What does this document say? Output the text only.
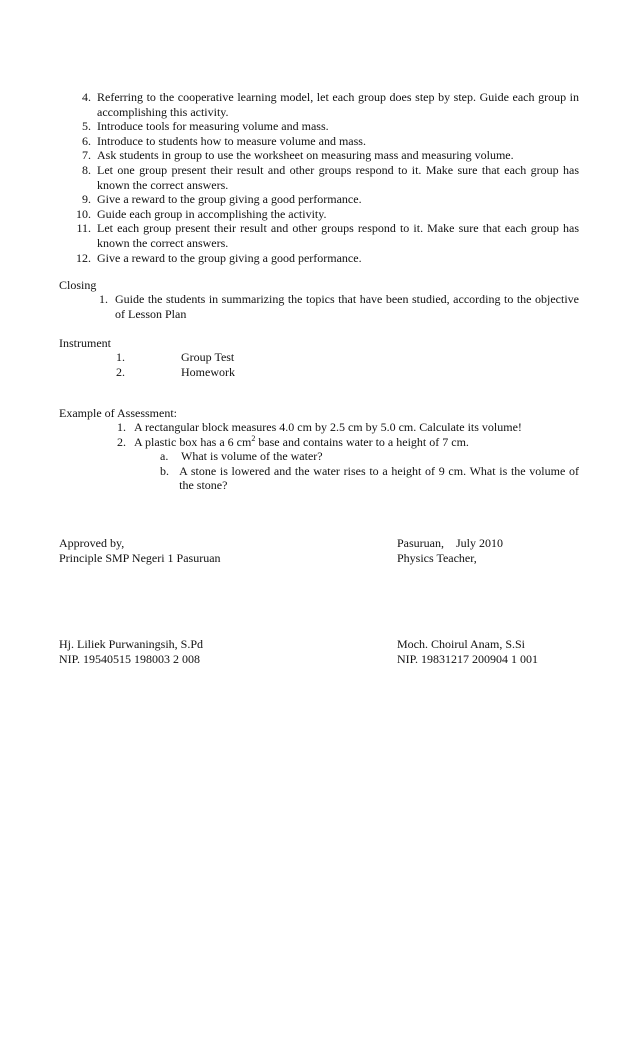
4. Referring to the cooperative learning model, let each group does step by step. Guide each group in accomplishing this activity.
5. Introduce tools for measuring volume and mass.
6. Introduce to students how to measure volume and mass.
7. Ask students in group to use the worksheet on measuring mass and measuring volume.
8. Let one group present their result and other groups respond to it. Make sure that each group has known the correct answers.
9. Give a reward to the group giving a good performance.
10. Guide each group in accomplishing the activity.
11. Let each group present their result and other groups respond to it. Make sure that each group has known the correct answers.
12. Give a reward to the group giving a good performance.
Closing
1. Guide the students in summarizing the topics that have been studied, according to the objective of Lesson Plan
Instrument
1.	Group Test
2.	Homework
Example of Assessment:
1. A rectangular block measures 4.0 cm by 2.5 cm by 5.0 cm. Calculate its volume!
2. A plastic box has a 6 $cm^2$ base and contains water to a height of 7 cm.
a.	What is volume of the water?
b. A stone is lowered and the water rises to a height of 9 cm. What is the volume of the stone?
Approved by,
Principle SMP Negeri 1 Pasuruan
Pasuruan,    July 2010
Physics Teacher,
Hj. Liliek Purwaningsih, S.Pd
NIP. 19540515 198003 2 008
Moch. Choirul Anam, S.Si
NIP. 19831217 200904 1 001
